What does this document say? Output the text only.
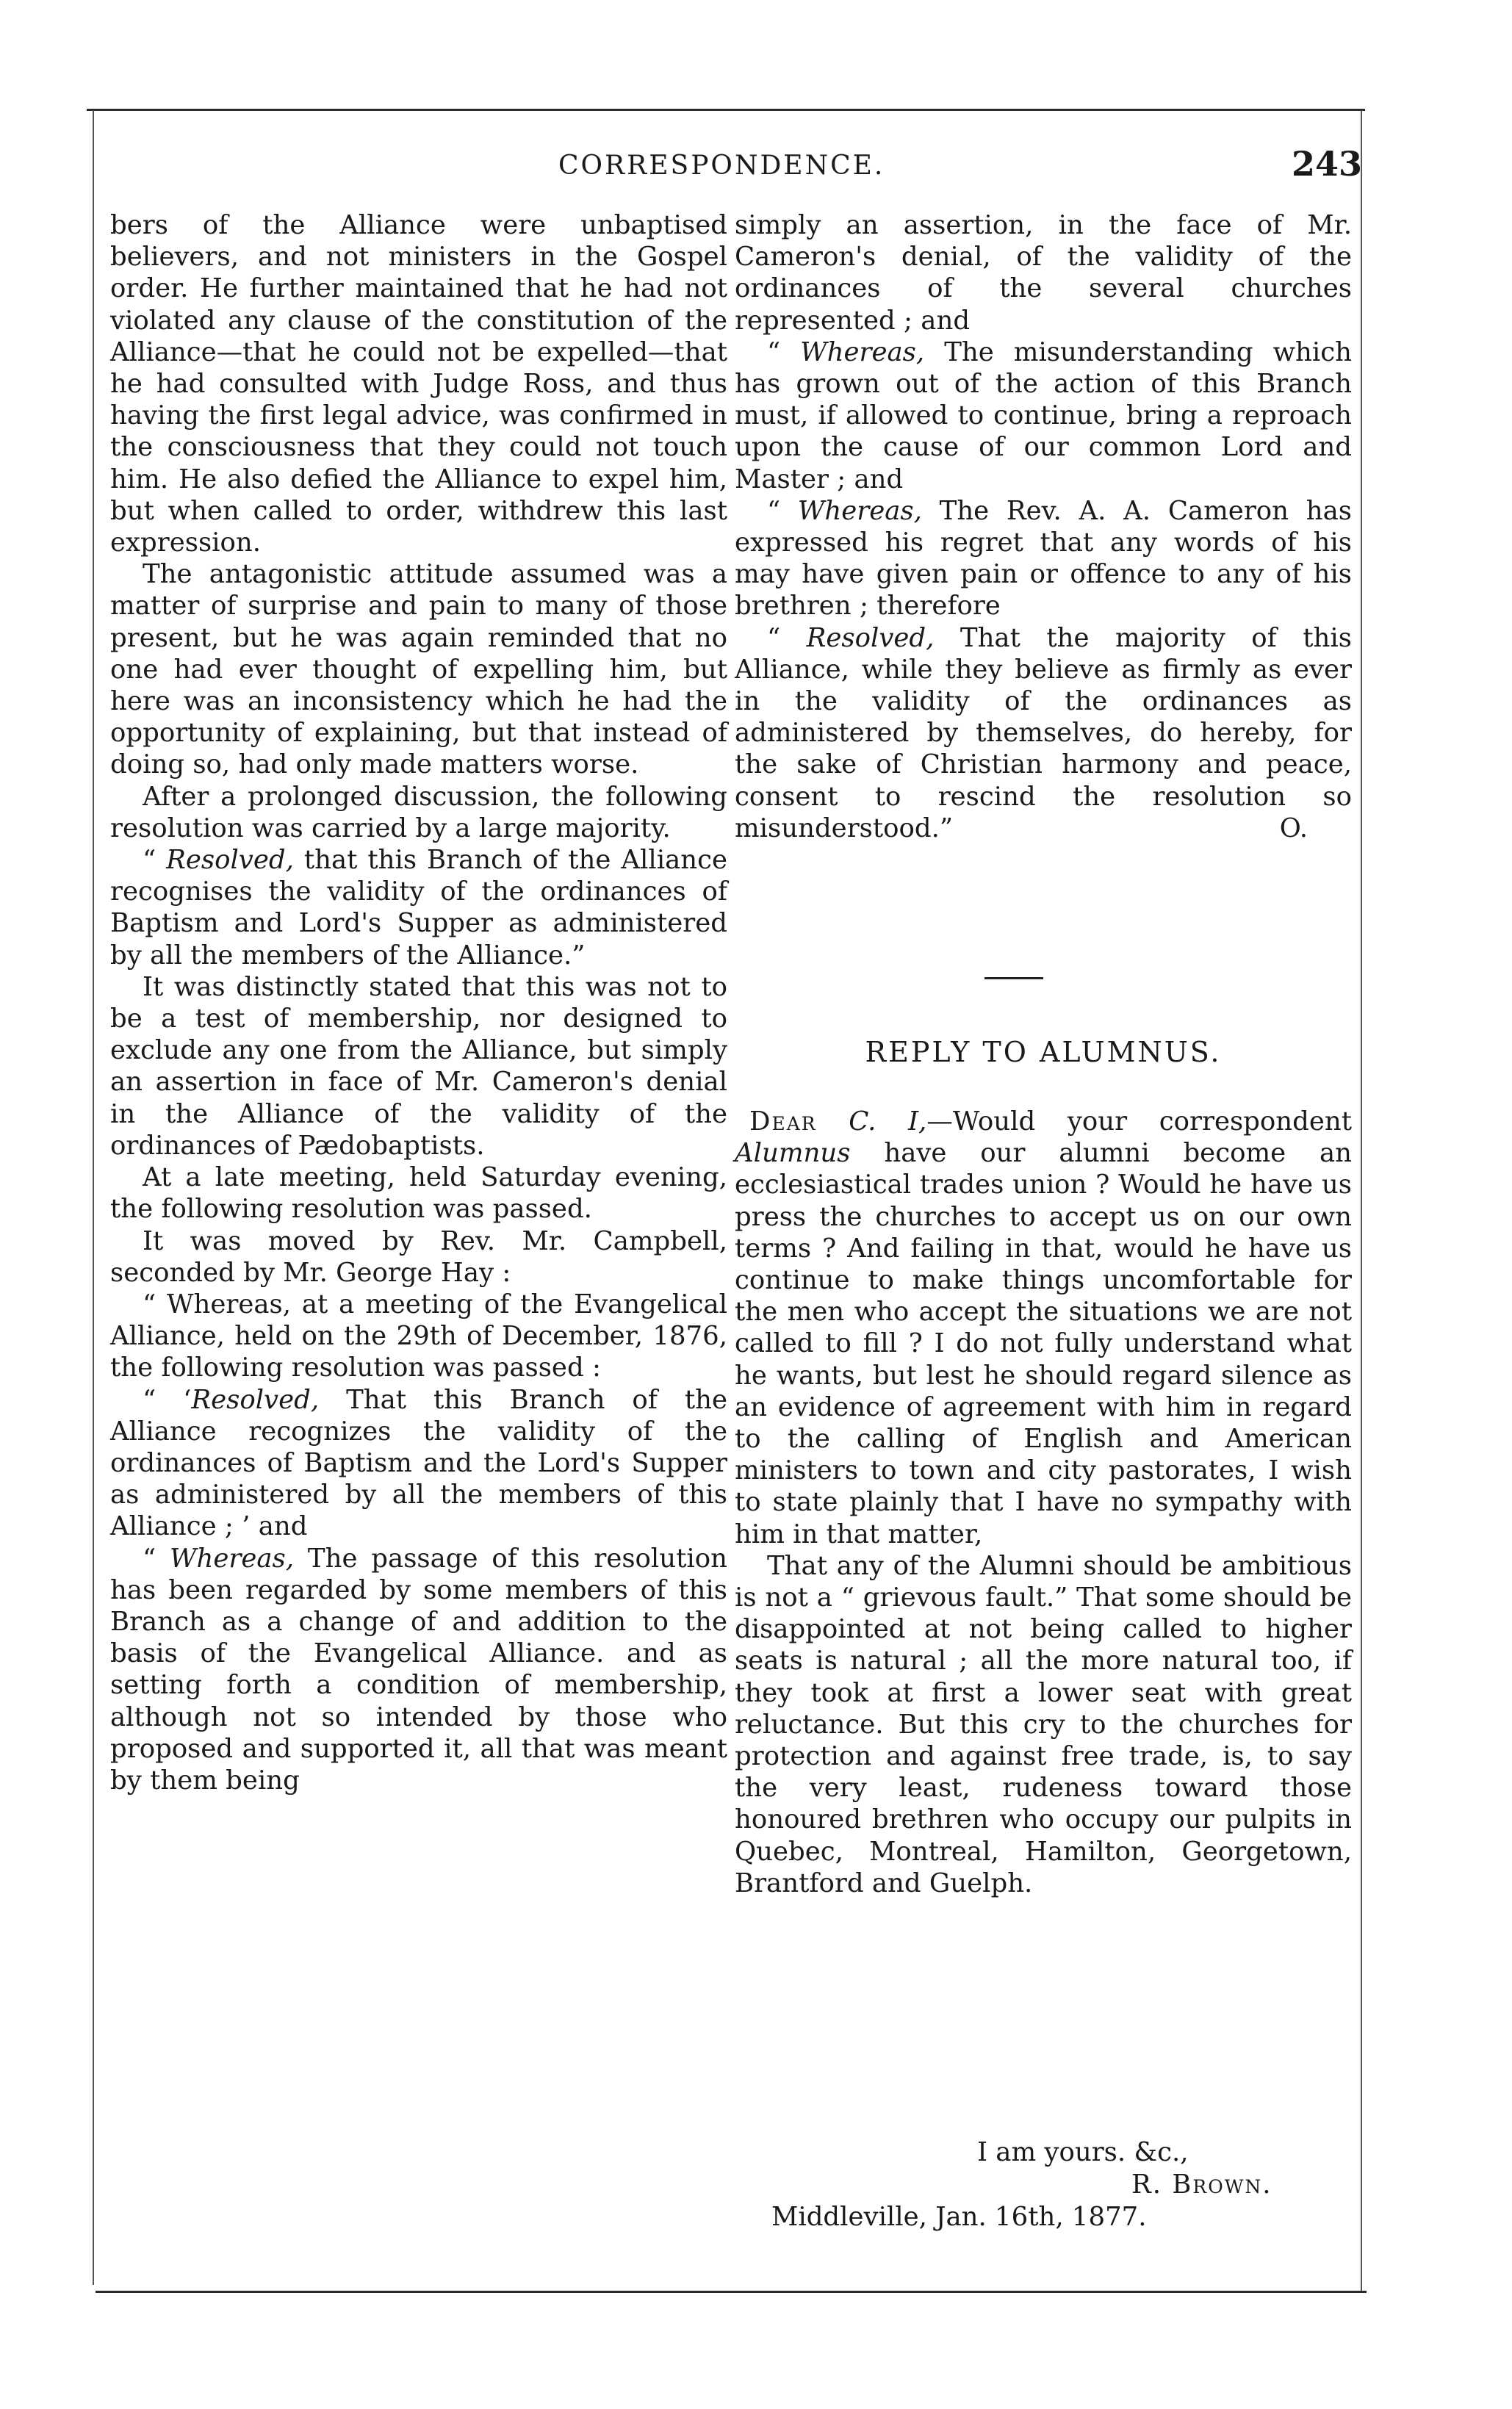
CORRESPONDENCE.	243

bers of the Alliance were unbaptised believers, and not ministers in the Gospel order. He further maintained that he had not violated any clause of the constitution of the Alliance—that he could not be expelled—that he had consulted with Judge Ross, and thus having the first legal advice, was confirmed in the consciousness that they could not touch him. He also defied the Alliance to expel him, but when called to order, withdrew this last expression.

The antagonistic attitude assumed was a matter of surprise and pain to many of those present, but he was again reminded that no one had ever thought of expelling him, but here was an inconsistency which he had the opportunity of explaining, but that instead of doing so, had only made matters worse.

After a prolonged discussion, the following resolution was carried by a large majority.

“ Resolved, that this Branch of the Alliance recognises the validity of the ordinances of Baptism and Lord's Supper as administered by all the members of the Alliance.”

It was distinctly stated that this was not to be a test of membership, nor designed to exclude any one from the Alliance, but simply an assertion in face of Mr. Cameron's denial in the Alliance of the validity of the ordinances of Pædobaptists.

At a late meeting, held Saturday evening, the following resolution was passed.

It was moved by Rev. Mr. Campbell, seconded by Mr. George Hay :

“ Whereas, at a meeting of the Evangelical Alliance, held on the 29th of December, 1876, the following resolution was passed :

“ ‘Resolved, That this Branch of the Alliance recognizes the validity of the ordinances of Baptism and the Lord's Supper as administered by all the members of this Alliance ; ’ and

“ Whereas, The passage of this resolution has been regarded by some members of this Branch as a change of and addition to the basis of the Evangelical Alliance. and as setting forth a condition of membership, although not so intended by those who proposed and supported it, all that was meant by them being

simply an assertion, in the face of Mr. Cameron's denial, of the validity of the ordinances of the several churches represented ; and

“ Whereas, The misunderstanding which has grown out of the action of this Branch must, if allowed to continue, bring a reproach upon the cause of our common Lord and Master ; and

“ Whereas, The Rev. A. A. Cameron has expressed his regret that any words of his may have given pain or offence to any of his brethren ; therefore

“ Resolved, That the majority of this Alliance, while they believe as firmly as ever in the validity of the ordinances as administered by themselves, do hereby, for the sake of Christian harmony and peace, consent to rescind the resolution so misunderstood.”	O.

REPLY TO ALUMNUS.

Dear C. I,—Would your correspondent Alumnus have our alumni become an ecclesiastical trades union ? Would he have us press the churches to accept us on our own terms ? And failing in that, would he have us continue to make things uncomfortable for the men who accept the situations we are not called to fill ? I do not fully understand what he wants, but lest he should regard silence as an evidence of agreement with him in regard to the calling of English and American ministers to town and city pastorates, I wish to state plainly that I have no sympathy with him in that matter,

That any of the Alumni should be ambitious is not a “ grievous fault.” That some should be disappointed at not being called to higher seats is natural ; all the more natural too, if they took at first a lower seat with great reluctance. But this cry to the churches for protection and against free trade, is, to say the very least, rudeness toward those honoured brethren who occupy our pulpits in Quebec, Montreal, Hamilton, Georgetown, Brantford and Guelph.

I am yours. &c.,
R. Brown.
Middleville, Jan. 16th, 1877.
